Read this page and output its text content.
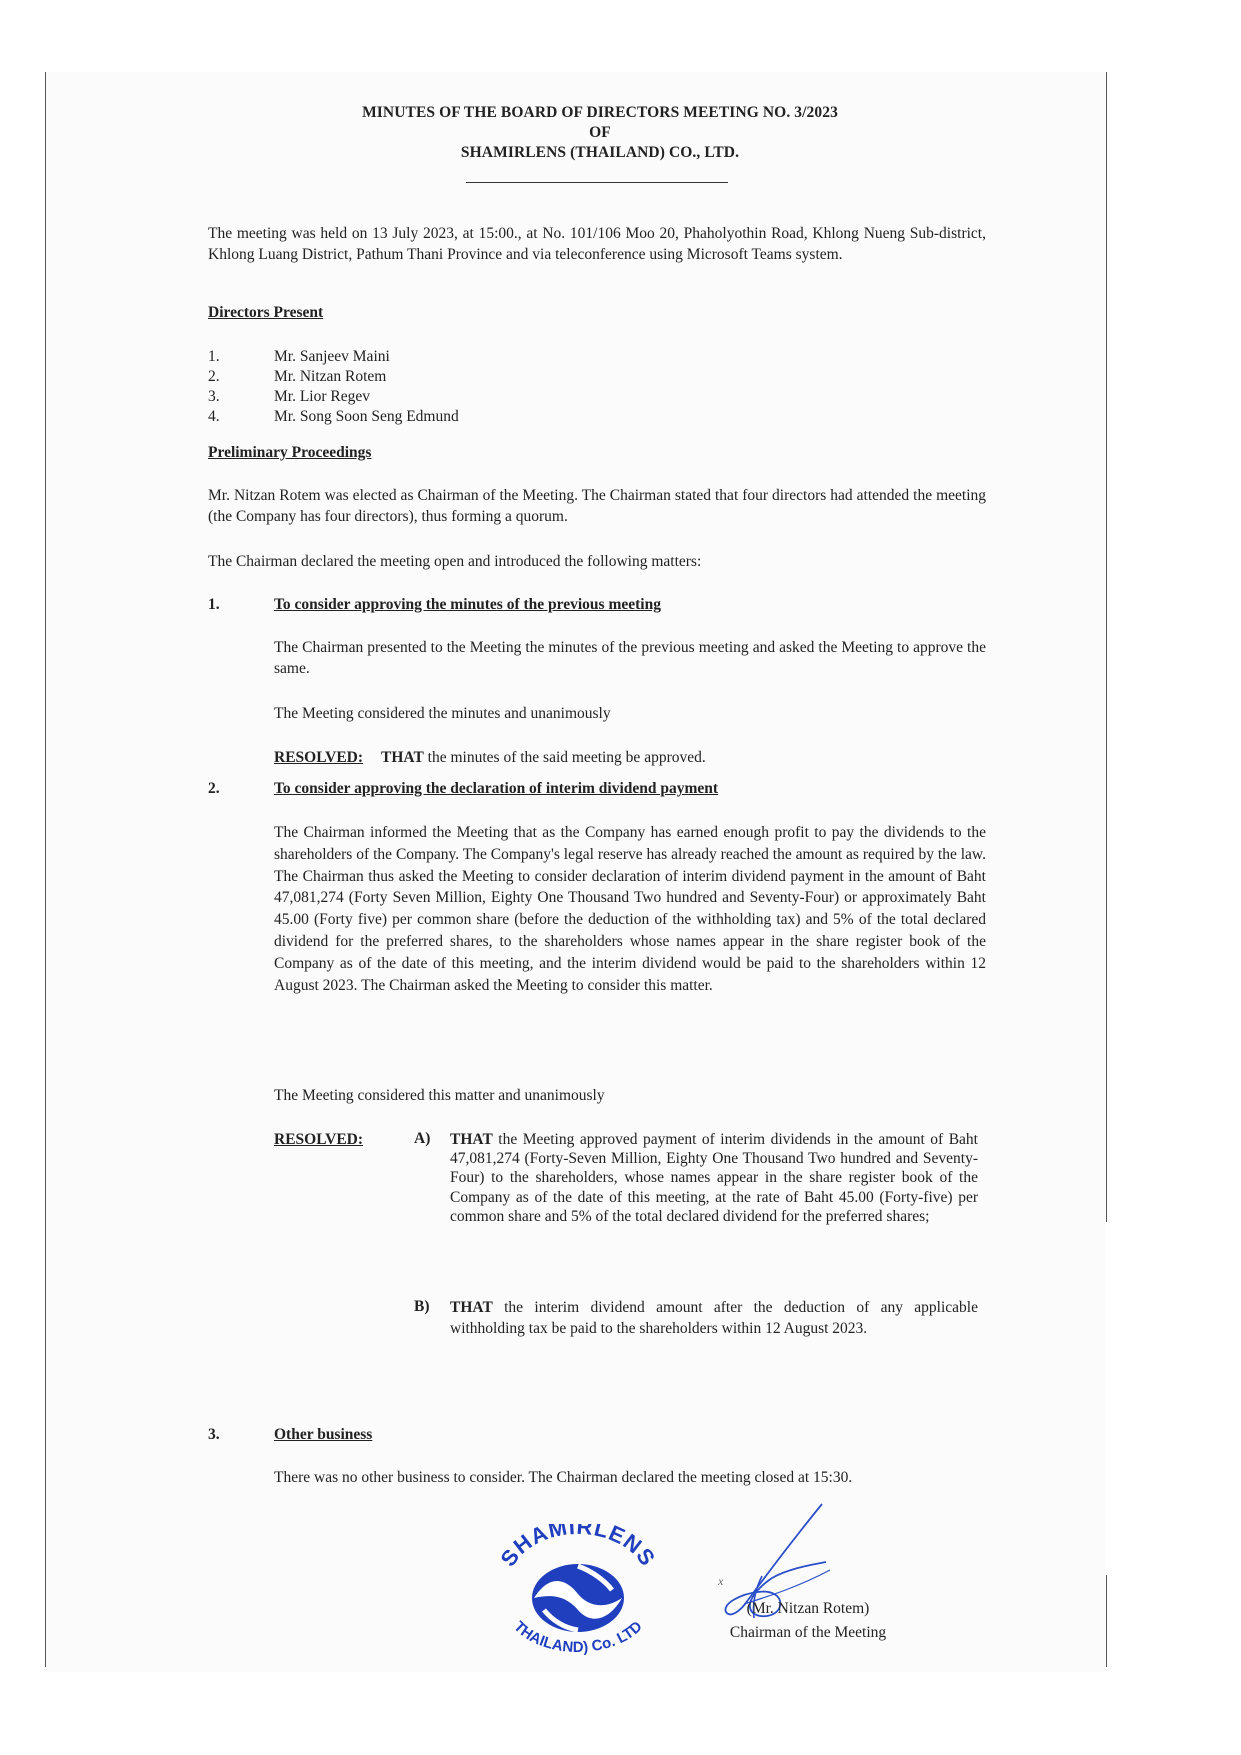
MINUTES OF THE BOARD OF DIRECTORS MEETING NO. 3/2023
OF
SHAMIRLENS (THAILAND) CO., LTD.
The meeting was held on 13 July 2023, at 15:00., at No. 101/106 Moo 20, Phaholyothin Road, Khlong Nueng Sub-district, Khlong Luang District, Pathum Thani Province and via teleconference using Microsoft Teams system.
Directors Present
1.	Mr. Sanjeev Maini
2.	Mr. Nitzan Rotem
3.	Mr. Lior Regev
4.	Mr. Song Soon Seng Edmund
Preliminary Proceedings
Mr. Nitzan Rotem was elected as Chairman of the Meeting. The Chairman stated that four directors had attended the meeting (the Company has four directors), thus forming a quorum.
The Chairman declared the meeting open and introduced the following matters:
1.	To consider approving the minutes of the previous meeting
The Chairman presented to the Meeting the minutes of the previous meeting and asked the Meeting to approve the same.
The Meeting considered the minutes and unanimously
RESOLVED: THAT the minutes of the said meeting be approved.
2.	To consider approving the declaration of interim dividend payment
The Chairman informed the Meeting that as the Company has earned enough profit to pay the dividends to the shareholders of the Company. The Company's legal reserve has already reached the amount as required by the law. The Chairman thus asked the Meeting to consider declaration of interim dividend payment in the amount of Baht 47,081,274 (Forty Seven Million, Eighty One Thousand Two hundred and Seventy-Four) or approximately Baht 45.00 (Forty five) per common share (before the deduction of the withholding tax) and 5% of the total declared dividend for the preferred shares, to the shareholders whose names appear in the share register book of the Company as of the date of this meeting, and the interim dividend would be paid to the shareholders within 12 August 2023. The Chairman asked the Meeting to consider this matter.
The Meeting considered this matter and unanimously
RESOLVED:	A) THAT the Meeting approved payment of interim dividends in the amount of Baht 47,081,274 (Forty-Seven Million, Eighty One Thousand Two hundred and Seventy-Four) to the shareholders, whose names appear in the share register book of the Company as of the date of this meeting, at the rate of Baht 45.00 (Forty-five) per common share and 5% of the total declared dividend for the preferred shares;
B) THAT the interim dividend amount after the deduction of any applicable withholding tax be paid to the shareholders within 12 August 2023.
3.	Other business
There was no other business to consider. The Chairman declared the meeting closed at 15:30.
SHAMIRLENS
THAILAND) Co. LTD
x
(Mr. Nitzan Rotem)
Chairman of the Meeting
